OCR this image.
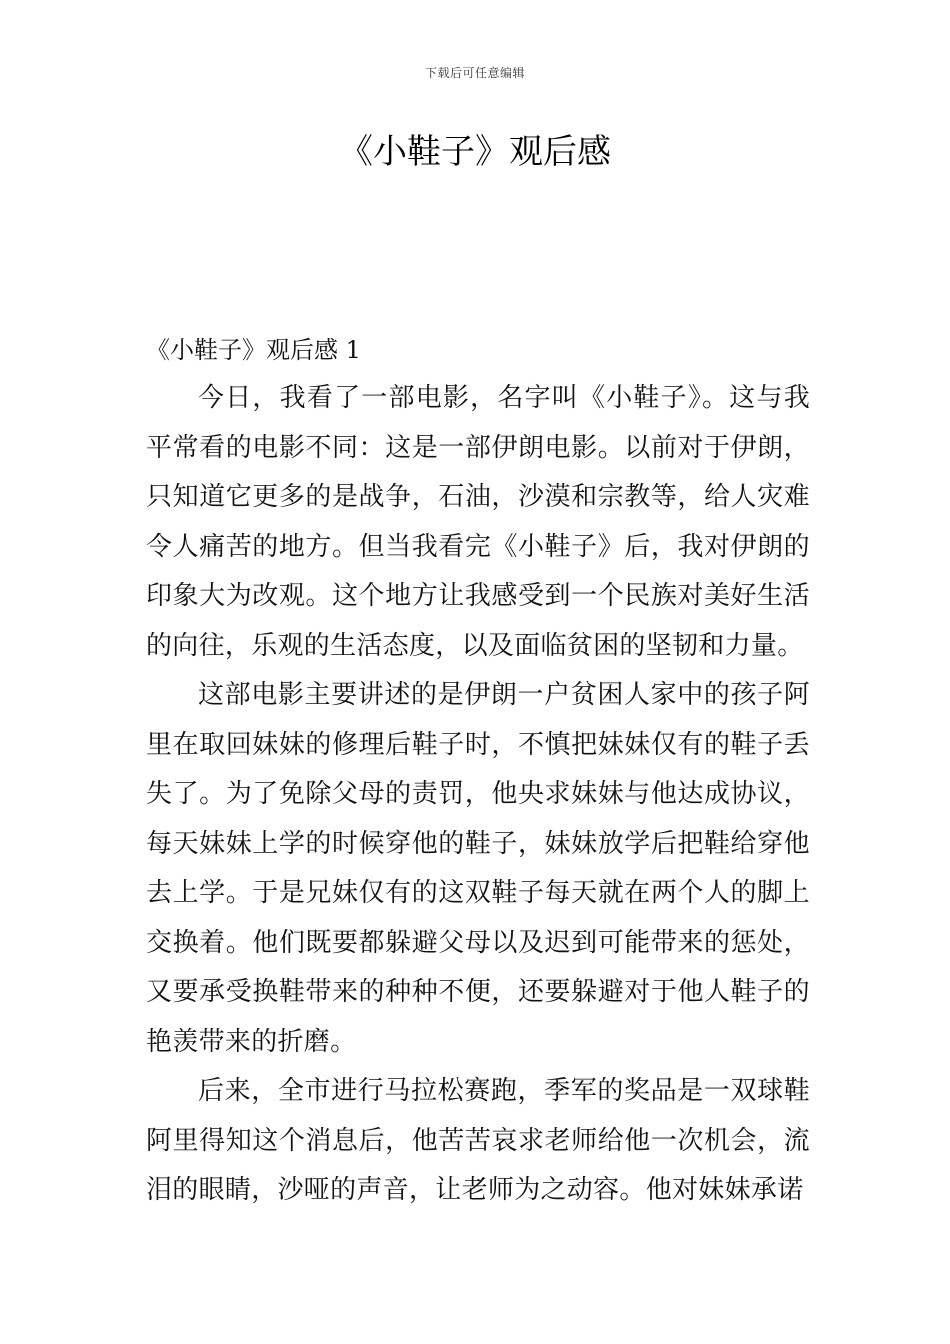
下载后可任意编辑
《小鞋子》观后感
《小鞋子》观后感 1

今日，我看了一部电影，名字叫《小鞋子》。这与我平常看的电影不同：这是一部伊朗电影。以前对于伊朗，只知道它更多的是战争，石油，沙漠和宗教等，给人灾难令人痛苦的地方。但当我看完《小鞋子》后，我对伊朗的印象大为改观。这个地方让我感受到一个民族对美好生活的向往，乐观的生活态度，以及面临贫困的坚韧和力量。

这部电影主要讲述的是伊朗一户贫困人家中的孩子阿里在取回妹妹的修理后鞋子时，不慎把妹妹仅有的鞋子丢失了。为了免除父母的责罚，他央求妹妹与他达成协议，每天妹妹上学的时候穿他的鞋子，妹妹放学后把鞋给穿他去上学。于是兄妹仅有的这双鞋子每天就在两个人的脚上交换着。他们既要都躲避父母以及迟到可能带来的惩处，又要承受换鞋带来的种种不便，还要躲避对于他人鞋子的艳羡带来的折磨。

后来，全市进行马拉松赛跑，季军的奖品是一双球鞋阿里得知这个消息后，他苦苦哀求老师给他一次机会，流泪的眼睛，沙哑的声音，让老师为之动容。他对妹妹承诺
